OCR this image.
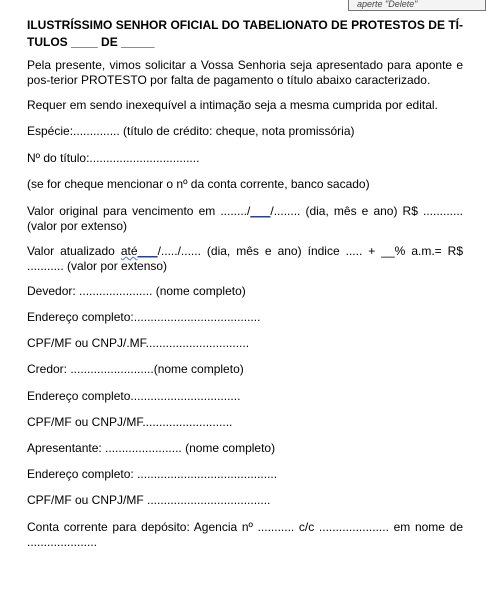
aperte "Delete"

ILUSTRÍSSIMO SENHOR OFICIAL DO TABELIONATO DE PROTESTOS DE TÍ-TULOS ____ DE _____

Pela presente, vimos solicitar a Vossa Senhoria seja apresentado para aponte e pos-terior PROTESTO por falta de pagamento o título abaixo caracterizado.

Requer em sendo inexequível a intimação seja a mesma cumprida por edital.

Espécie:.............. (título de crédito: cheque, nota promissória)

Nº do título:.................................

(se for cheque mencionar o nº da conta corrente, banco sacado)

Valor original para vencimento em ......../___/........ (dia, mês e ano) R$ ............ (valor por extenso)

Valor atualizado até___/...../...... (dia, mês e ano) índice ..... + __% a.m.= R$ ........... (valor por extenso)

Devedor: ...................... (nome completo)

Endereço completo:......................................

CPF/MF ou CNPJ/.MF...............................

Credor: .........................(nome completo)

Endereço completo.................................

CPF/MF ou CNPJ/MF...........................

Apresentante: ....................... (nome completo)

Endereço completo: ..........................................

CPF/MF ou CNPJ/MF .....................................

Conta corrente para depósito: Agencia nº ........... c/c ..................... em nome de .....................
